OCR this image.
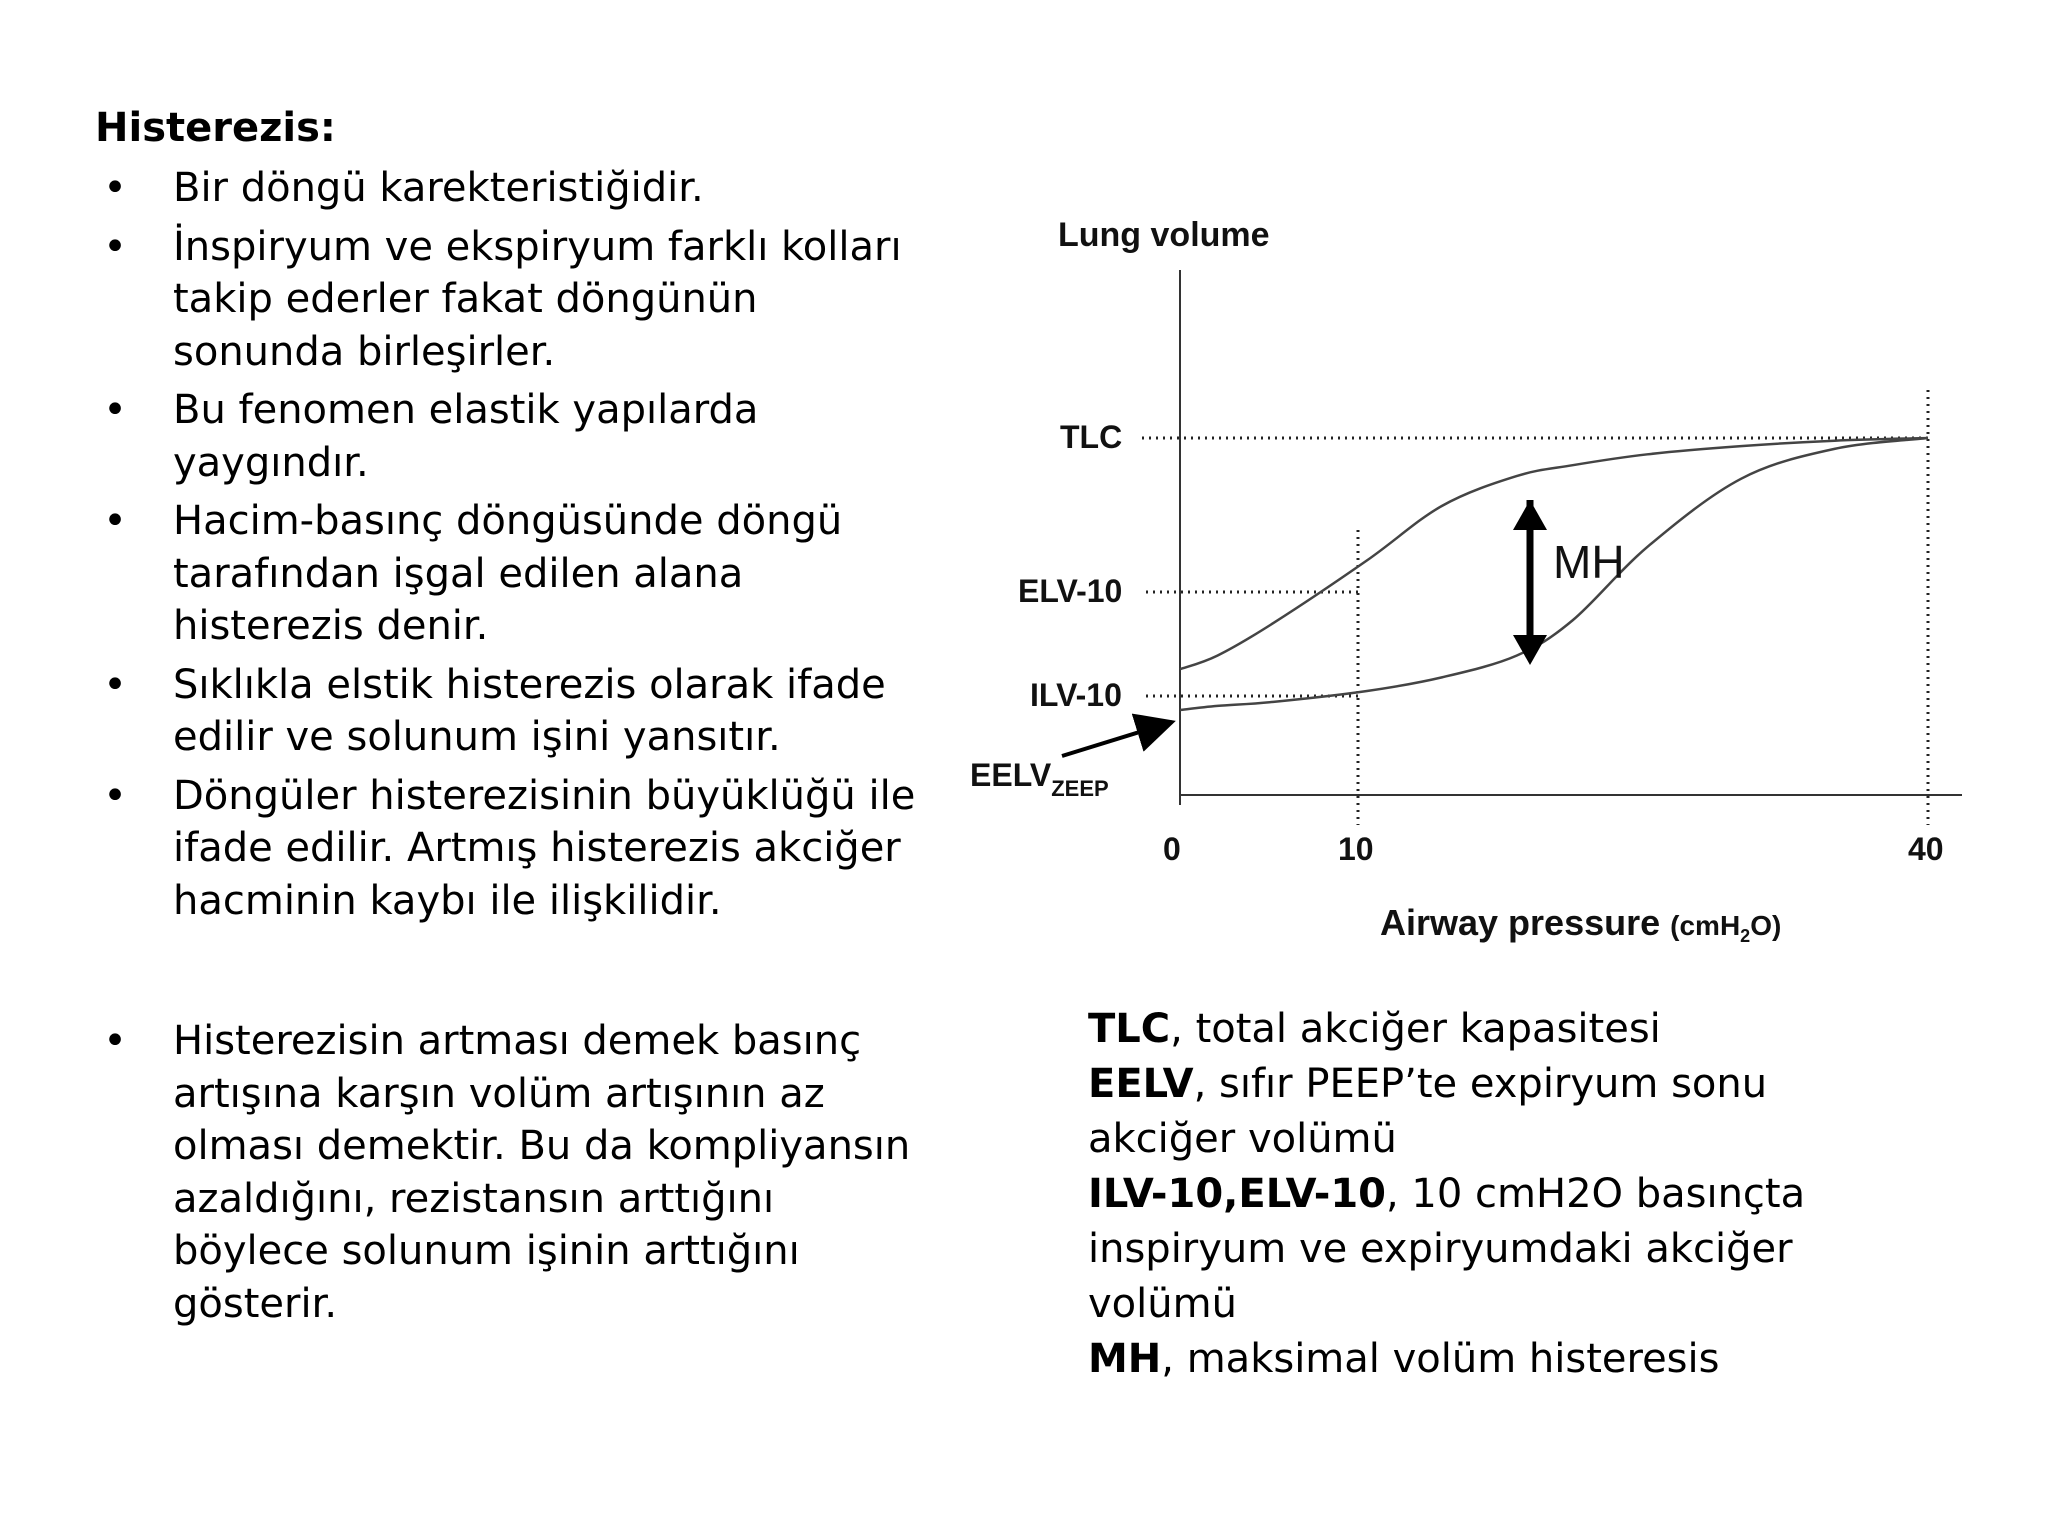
Histerezis:

• Bir döngü karekteristiğidir.
• İnspiryum ve ekspiryum farklı kolları takip ederler fakat döngünün sonunda birleşirler.
• Bu fenomen elastik yapılarda yaygındır.
• Hacim-basınç döngüsünde döngü tarafından işgal edilen alana histerezis denir.
• Sıklıkla elstik histerezis olarak ifade edilir ve solunum işini yansıtır.
• Döngüler histerezisinin büyüklüğü ile ifade edilir. Artmış histerezis akciğer hacminin kaybı ile ilişkilidir.
• Histerezisin artması demek basınç artışına karşın volüm artışının az olması demektir. Bu da kompliyansın azaldığını, rezistansın arttığını böylece solunum işinin arttığını gösterir.
Lung volume
TLC
ELV-10
ILV-10
$EELV_{ZEEP}$
0	10	40
Airway pressure (cmH2O)
MH
TLC, total akciğer kapasitesi
EELV, sıfır PEEP’te expiryum sonu
akciğer volümü
ILV-10,ELV-10, 10 cmH2O basınçta
inspiryum ve expiryumdaki akciğer
volümü
MH, maksimal volüm histeresis
